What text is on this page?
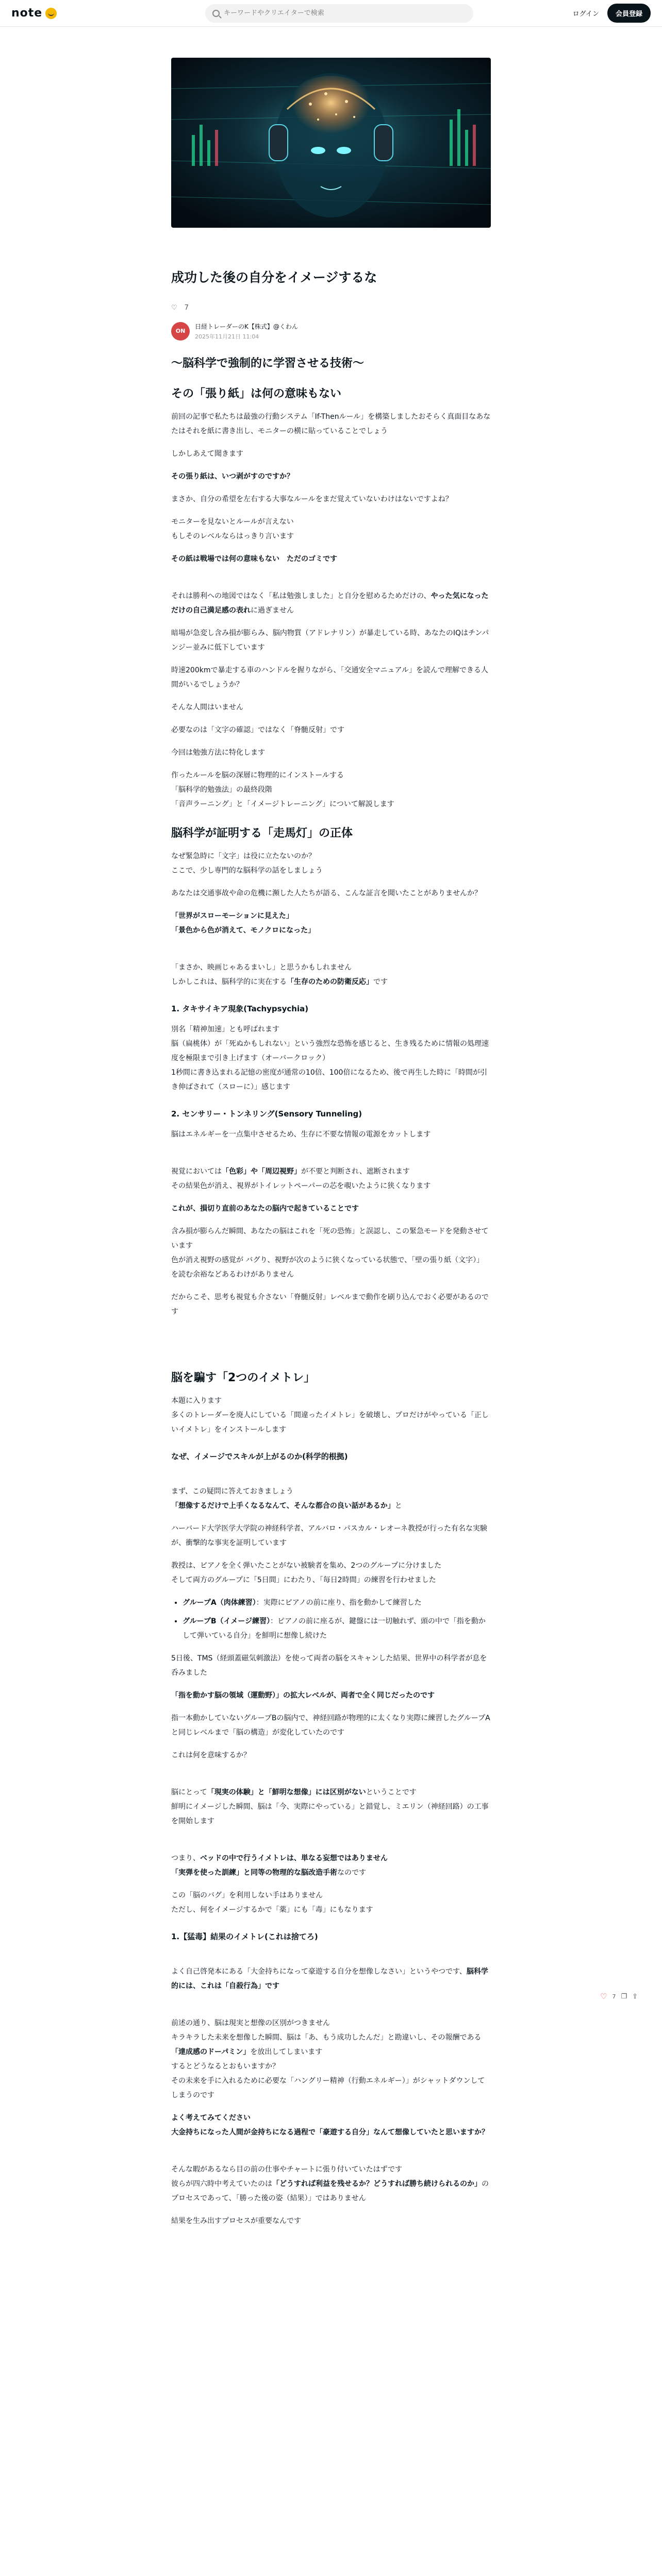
note
キーワードやクリエイターで検索	ログイン	会員登録
成功した後の自分をイメージするな
♡ 7
ON
日経トレーダーのK【株式】@くわん
2025年11月21日 11:04
〜脳科学で強制的に学習させる技術〜
その「張り紙」は何の意味もない
前回の記事で私たちは最強の行動システム「If-Thenルール」を構築しましたおそらく真面目なあなたはそれを紙に書き出し、モニターの横に貼っていることでしょう
しかしあえて聞きます
その張り紙は、いつ剥がすのですか？
まさか、自分の希望を左右する大事なルールをまだ覚えていないわけはないですよね？
モニターを見ないとルールが言えない
もしそのレベルならはっきり言います
その紙は戦場では何の意味もない　ただのゴミです

それは勝利への地図ではなく「私は勉強しました」と自分を慰めるためだけの、やった気になっただけの自己満足感の表れに過ぎません

暗場が急変し含み損が膨らみ、脳内物質（アドレナリン）が暴走している時、あなたのIQはチンパンジー並みに低下しています
時速200kmで暴走する車のハンドルを握りながら、「交通安全マニュアル」を読んで理解できる人間がいるでしょうか？
そんな人間はいません
必要なのは「文字の確認」ではなく「脊髄反射」です
今回は勉強方法に特化します
作ったルールを脳の深層に物理的にインストールする
「脳科学的勉強法」の最終段階
「音声ラーニング」と「イメージトレーニング」について解説します
脳科学が証明する「走馬灯」の正体
なぜ緊急時に「文字」は役に立たないのか？
ここで、少し専門的な脳科学の話をしましょう
あなたは交通事故や命の危機に瀕した人たちが語る、こんな証言を聞いたことがありませんか？
「世界がスローモーションに見えた」
「景色から色が消えて、モノクロになった」

「まさか、映画じゃあるまいし」と思うかもしれません
しかしこれは、脳科学的に実在する「生存のための防衛反応」です

1. タキサイキア現象(Tachypsychia)
別名「精神加速」とも呼ばれます
脳（扁桃体）が「死ぬかもしれない」という強烈な恐怖を感じると、生き残るために情報の処理速度を極限まで引き上げます（オーバークロック）
1秒間に書き込まれる記憶の密度が通常の10倍、100倍になるため、後で再生した時に「時間が引き伸ばされて（スローに）」感じます
2. センサリー・トンネリング(Sensory Tunneling)
脳はエネルギーを一点集中させるため、生存に不要な情報の電源をカットします

視覚においては「色彩」や「周辺視野」が不要と判断され、遮断されます
その結果色が消え、視界がトイレットペーパーの芯を覗いたように狭くなります

これが、損切り直前のあなたの脳内で起きていることです
含み損が膨らんだ瞬間、あなたの脳はこれを「死の恐怖」と誤認し、この緊急モードを発動させています
色が消え視野の感覚が バグり、視野が次のように狭くなっている状態で、「壁の張り紙（文字）」を読む余裕などあるわけがありません
だからこそ、思考も視覚も介さない「脊髄反射」レベルまで動作を刷り込んでおく必要があるのです
脳を騙す「2つのイメトレ」
本題に入ります
多くのトレーダーを廃人にしている「間違ったイメトレ」を破壊し、プロだけがやっている「正しいイメトレ」をインストールします
なぜ、イメージでスキルが上がるのか(科学的根拠)

まず、この疑問に答えておきましょう
「想像するだけで上手くなるなんて、そんな都合の良い話があるか」と

ハーバード大学医学大学院の神経科学者、アルバロ・パスカル・レオーネ教授が行った有名な実験が、衝撃的な事実を証明しています
教授は、ピアノを全く弾いたことがない被験者を集め、2つのグループに分けました
そして両方のグループに「5日間」にわたり、「毎日2時間」の練習を行わせました
• グループA（肉体練習）：実際にピアノの前に座り、指を動かして練習した
• グループB（イメージ練習）：ピアノの前に座るが、鍵盤には一切触れず、頭の中で「指を動かして弾いている自分」を鮮明に想像し続けた
5日後、TMS（経頭蓋磁気刺激法）を使って両者の脳をスキャンした結果、世界中の科学者が息を呑みました
「指を動かす脳の領域（運動野）」の拡大レベルが、両者で全く同じだったのです
指一本動かしていないグループBの脳内で、神経回路が物理的に太くなり実際に練習したグループAと同じレベルまで「脳の構造」が変化していたのです
これは何を意味するか？

脳にとって「現実の体験」と「鮮明な想像」には区別がないということです
鮮明にイメージした瞬間、脳は「今、実際にやっている」と錯覚し、ミエリン（神経回路）の工事を開始します

つまり、ベッドの中で行うイメトレは、単なる妄想ではありません
「実弾を使った訓練」と同等の物理的な脳改造手術なのです

この「脳のバグ」を利用しない手はありません
ただし、何をイメージするかで「薬」にも「毒」にもなります
1.【猛毒】結果のイメトレ(これは捨てろ)

よく自己啓発本にある「大金持ちになって豪遊する自分を想像しなさい」というやつです、脳科学的には、これは「自殺行為」です

前述の通り、脳は現実と想像の区別がつきません
キラキラした未来を想像した瞬間、脳は「あ、もう成功したんだ」と勘違いし、その報酬である「達成感のドーパミン」を放出してしまいます
するとどうなるとおもいますか？
その未来を手に入れるために必要な「ハングリー精神（行動エネルギー）」がシャットダウンしてしまうのです

よく考えてみてください
大金持ちになった人間が金持ちになる過程で「豪遊する自分」なんて想像していたと思いますか？

そんな暇があるなら目の前の仕事やチャートに張り付いていたはずです
彼らが四六時中考えていたのは「どうすれば利益を残せるか？どうすれば勝ち続けられるのか」のプロセスであって、「勝った後の姿（結果）」ではありません

結果を生み出すプロセスが重要なんです
♡ 7 ❐ ⇪
